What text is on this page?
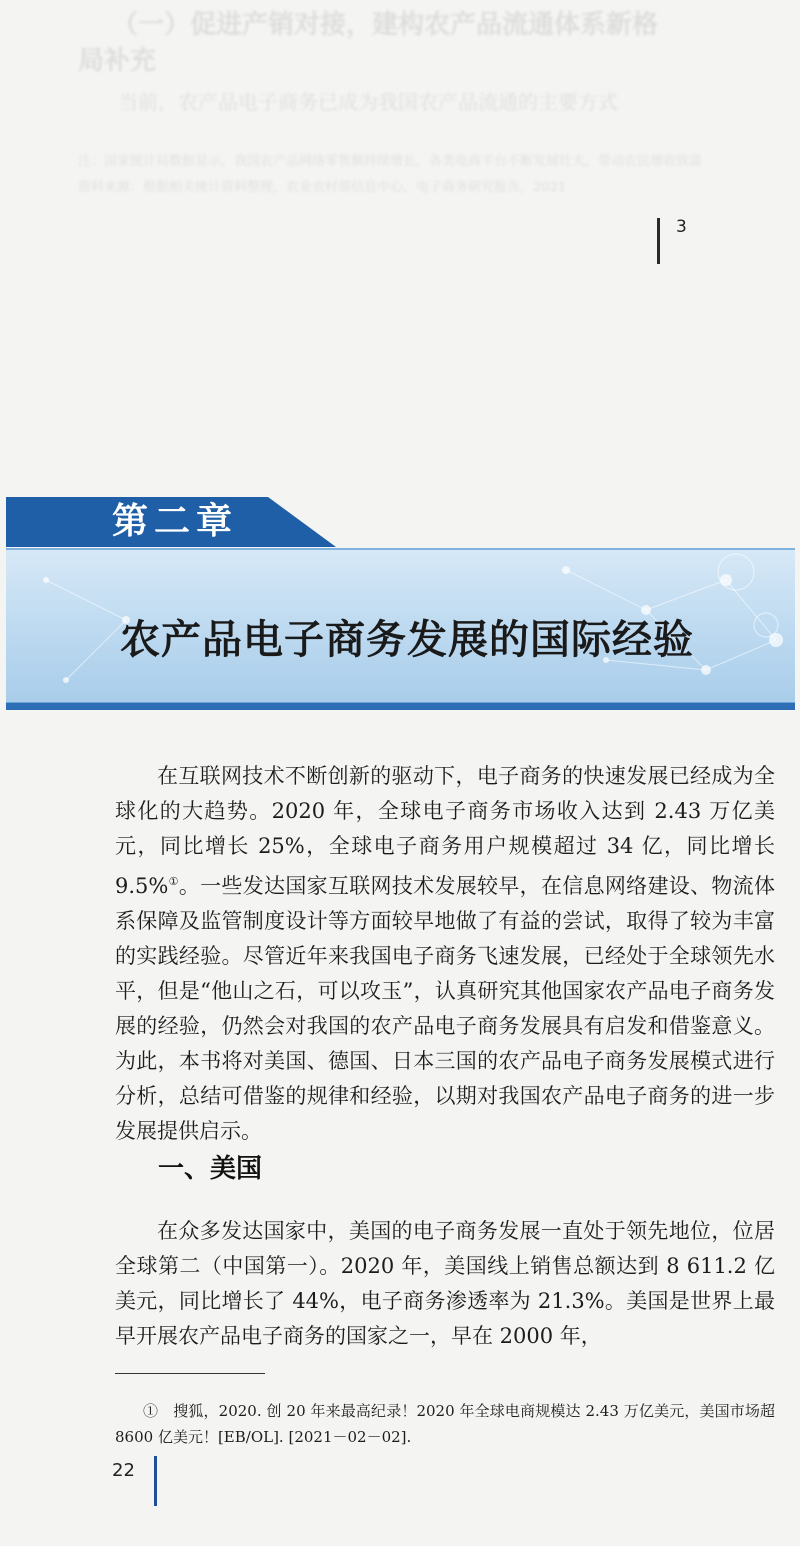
（一）促进产销对接，建构农产品流通体系新格
局补充
当前，农产品电子商务已成为我国农产品流通的主要方式
注：国家统计局数据显示，我国农产品网络零售额持续增长，各类电商平台不断发展壮大，带动农民增收致富
资料来源：根据相关统计资料整理，农业农村部信息中心，电子商务研究报告，2021
3
第二章
农产品电子商务发展的国际经验

在互联网技术不断创新的驱动下，电子商务的快速发展已经成为全球化的大趋势。2020 年，全球电子商务市场收入达到 2.43 万亿美元，同比增长 25%，全球电子商务用户规模超过 34 亿，同比增长 9.5%①。一些发达国家互联网技术发展较早，在信息网络建设、物流体系保障及监管制度设计等方面较早地做了有益的尝试，取得了较为丰富的实践经验。尽管近年来我国电子商务飞速发展，已经处于全球领先水平，但是“他山之石，可以攻玉”，认真研究其他国家农产品电子商务发展的经验，仍然会对我国的农产品电子商务发展具有启发和借鉴意义。为此，本书将对美国、德国、日本三国的农产品电子商务发展模式进行分析，总结可借鉴的规律和经验，以期对我国农产品电子商务的进一步发展提供启示。

一、美国

在众多发达国家中，美国的电子商务发展一直处于领先地位，位居全球第二（中国第一）。2020 年，美国线上销售总额达到 8 611.2 亿美元，同比增长了 44%，电子商务渗透率为 21.3%。美国是世界上最早开展农产品电子商务的国家之一，早在 2000 年，

①　搜狐，2020. 创 20 年来最高纪录！2020 年全球电商规模达 2.43 万亿美元，美国市场超 8600 亿美元！[EB/OL]. [2021－02－02].

22
